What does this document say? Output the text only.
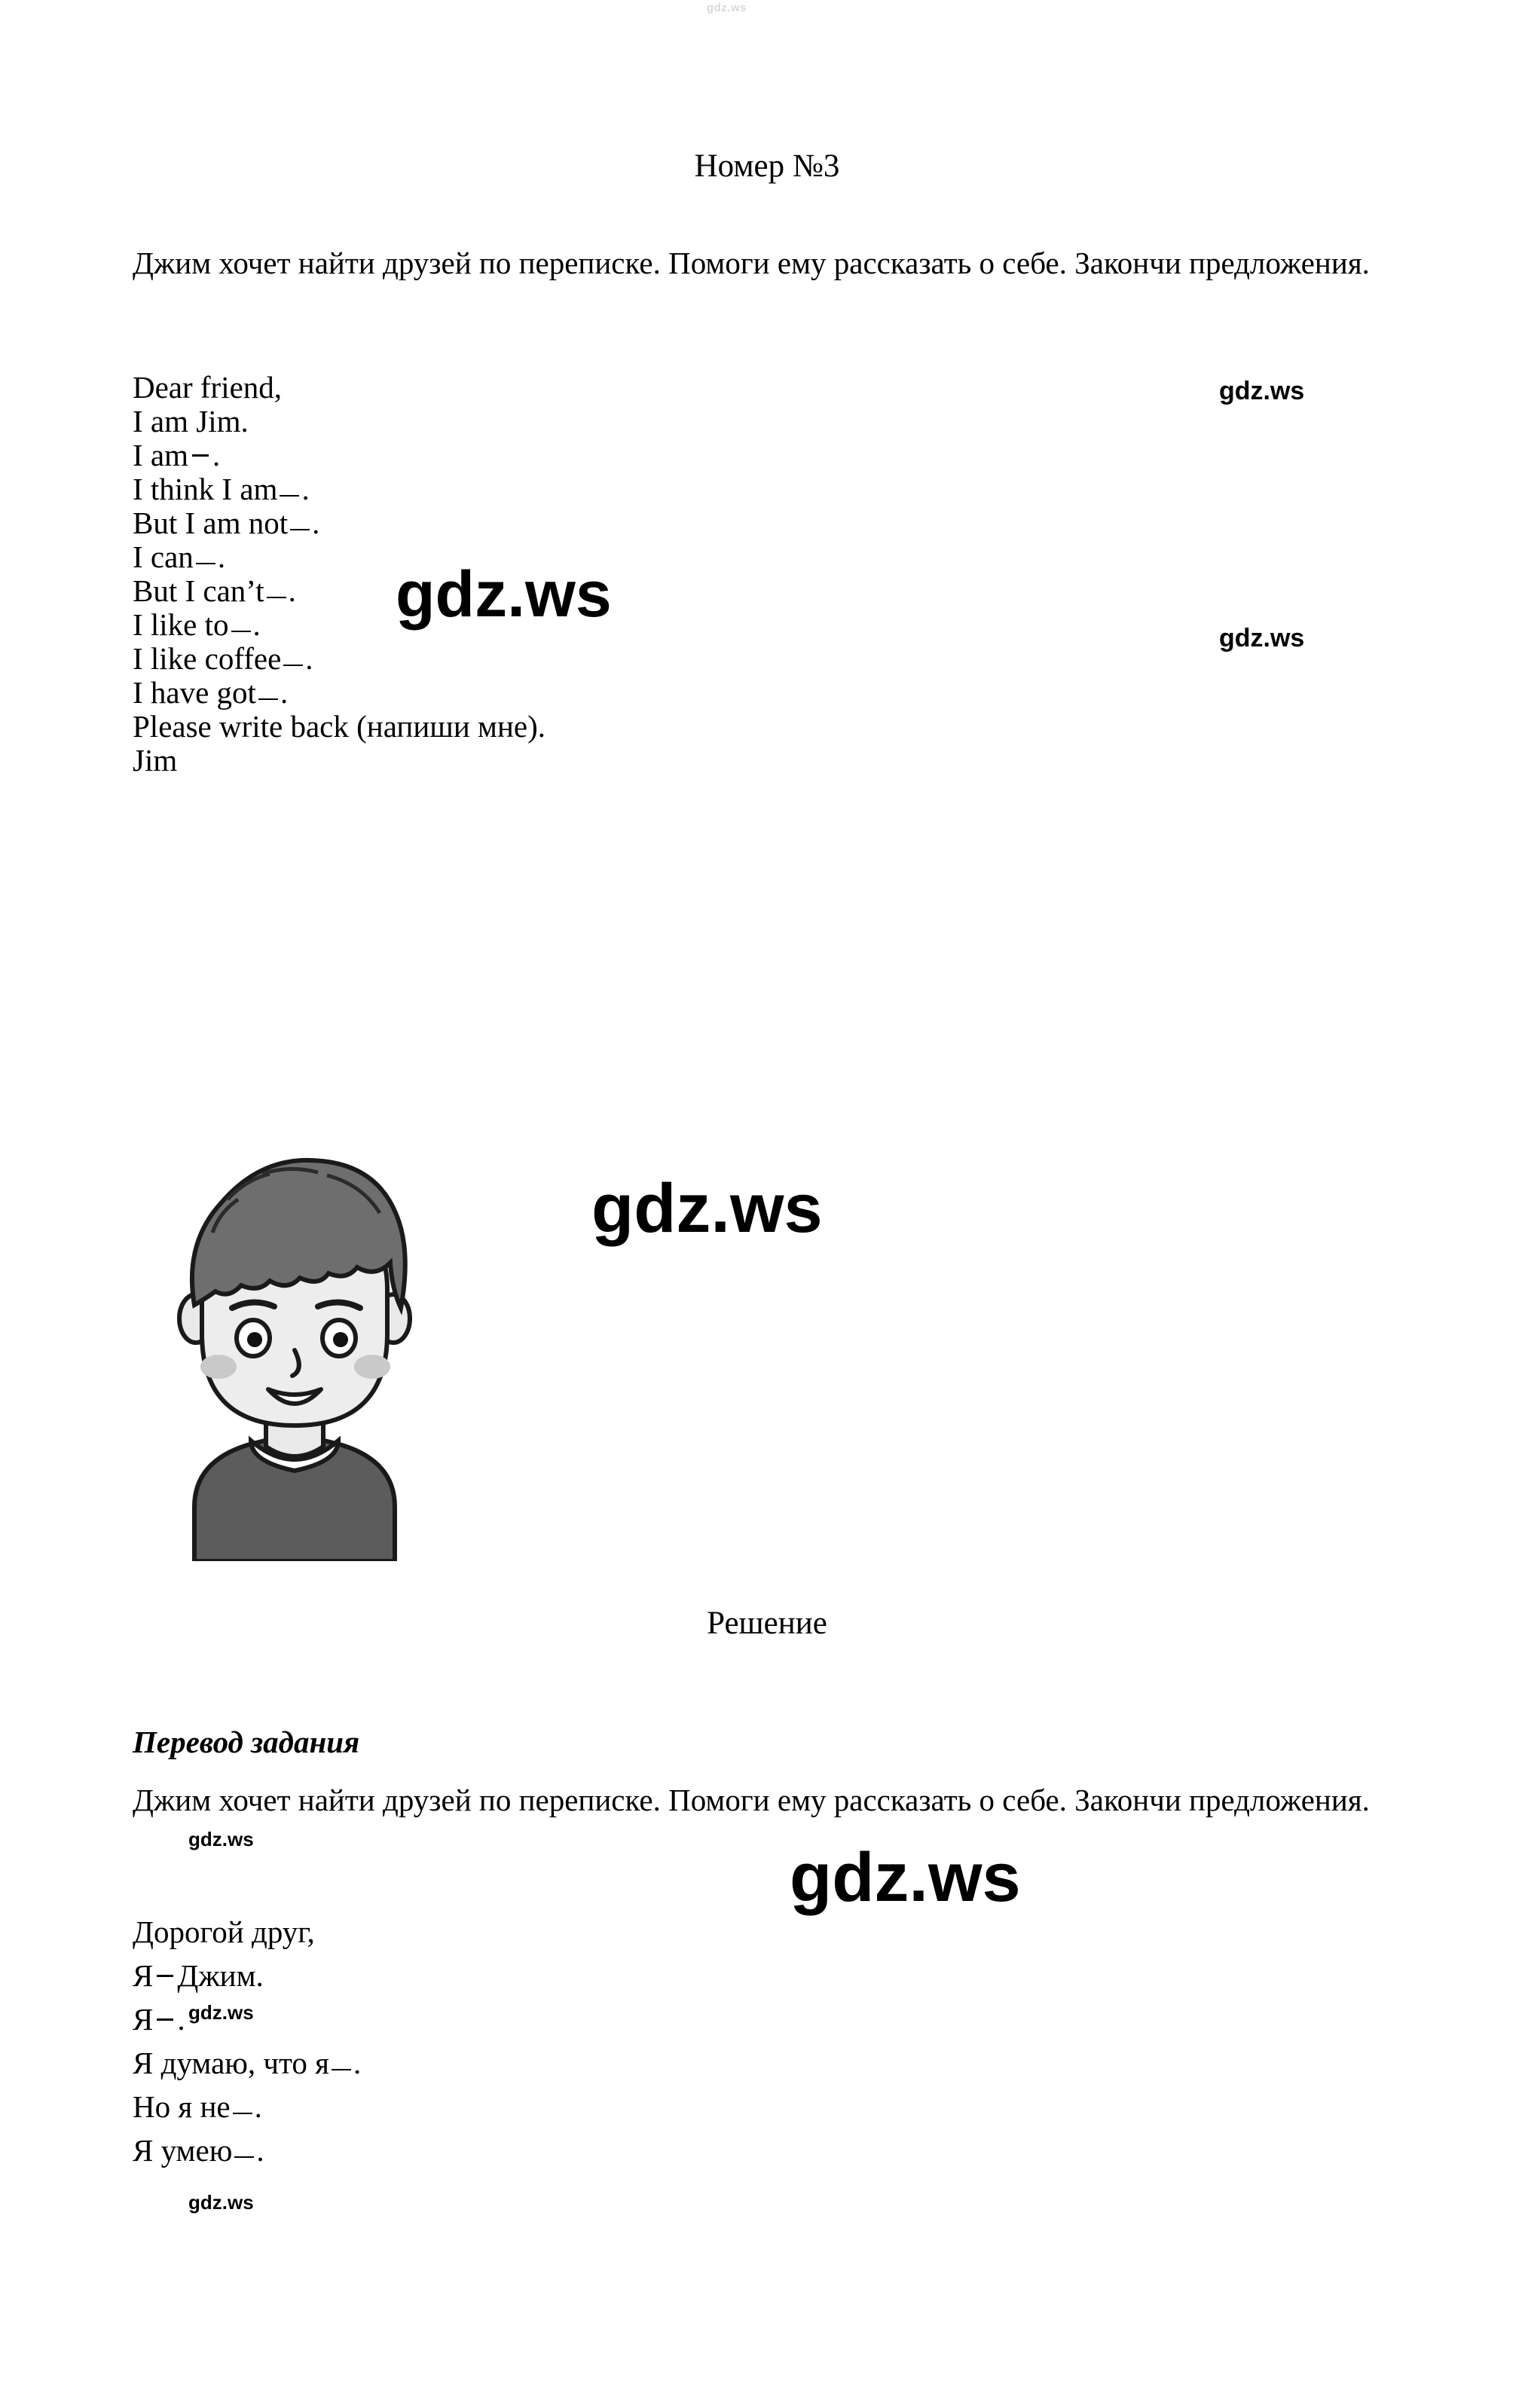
gdz.ws
Номер №3
Джим хочет найти друзей по переписке. Помоги ему рассказать о себе. Закончи предложения.
Dear friend,
I am Jim.
I am .
I think I am .
But I am not .
I can .
But I can’t .
I like to .
I like coffee .
I have got .
Please write back (напиши мне).
Jim
Решение
Перевод задания
Джим хочет найти друзей по переписке. Помоги ему рассказать о себе. Закончи предложения.
Дорогой друг,
Я Джим.
Я .
Я думаю, что я .
Но я не .
Я умею .
gdz.ws
gdz.ws
gdz.ws
gdz.ws
gdz.ws	gdz.ws
gdz.ws
gdz.ws
